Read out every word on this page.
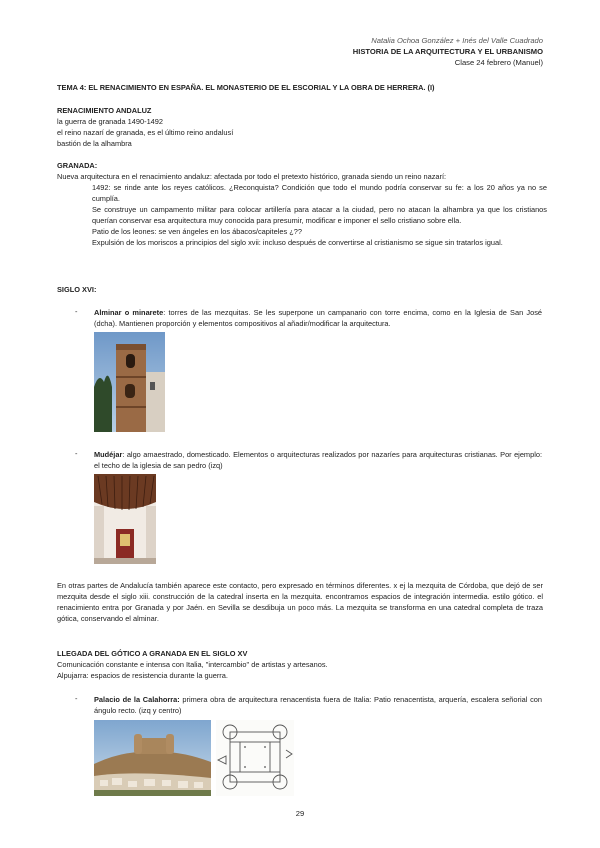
Natalia Ochoa González + Inés del Valle Cuadrado
HISTORIA DE LA ARQUITECTURA Y EL URBANISMO
Clase 24 febrero (Manuel)
TEMA 4: EL RENACIMIENTO EN ESPAÑA. EL MONASTERIO DE EL ESCORIAL Y LA OBRA DE HERRERA. (I)
RENACIMIENTO ANDALUZ
la guerra de granada 1490-1492
el reino nazarí de granada, es el último reino andalusí
bastión de la alhambra
GRANADA:
Nueva arquitectura en el renacimiento andaluz: afectada por todo el pretexto histórico, granada siendo un reino nazarí:
1492: se rinde ante los reyes católicos. ¿Reconquista? Condición que todo el mundo podría conservar su fe: a los 20 años ya no se cumplía.
Se construye un campamento militar para colocar artillería para atacar a la ciudad, pero no atacan la alhambra ya que los cristianos querían conservar esa arquitectura muy conocida para presumir, modificar e imponer el sello cristiano sobre ella.
Patio de los leones: se ven ángeles en los ábacos/capiteles ¿??
Expulsión de los moriscos a principios del siglo xvii: incluso después de convertirse al cristianismo se sigue sin tratarlos igual.
SIGLO XVI:
- Alminar o minarete: torres de las mezquitas. Se les superpone un campanario con torre encima, como en la Iglesia de San José (dcha). Mantienen proporción y elementos compositivos al añadir/modificar la arquitectura.
- Mudéjar: algo amaestrado, domesticado. Elementos o arquitecturas realizados por nazaríes para arquitecturas cristianas. Por ejemplo: el techo de la iglesia de san pedro (izq)
En otras partes de Andalucía también aparece este contacto, pero expresado en términos diferentes. x ej la mezquita de Córdoba, que dejó de ser mezquita desde el siglo xiii. construcción de la catedral inserta en la mezquita. encontramos espacios de integración intermedia. estilo gótico. el renacimiento entra por Granada y por Jaén. en Sevilla se desdibuja un poco más. La mezquita se transforma en una catedral completa de traza gótica, conservando el alminar.
LLEGADA DEL GÓTICO A GRANADA EN EL SIGLO XV
Comunicación constante e intensa con Italia, "intercambio" de artistas y artesanos.
Alpujarra: espacios de resistencia durante la guerra.
- Palacio de la Calahorra: primera obra de arquitectura renacentista fuera de Italia: Patio renacentista, arquería, escalera señorial con ángulo recto. (izq y centro)
29
